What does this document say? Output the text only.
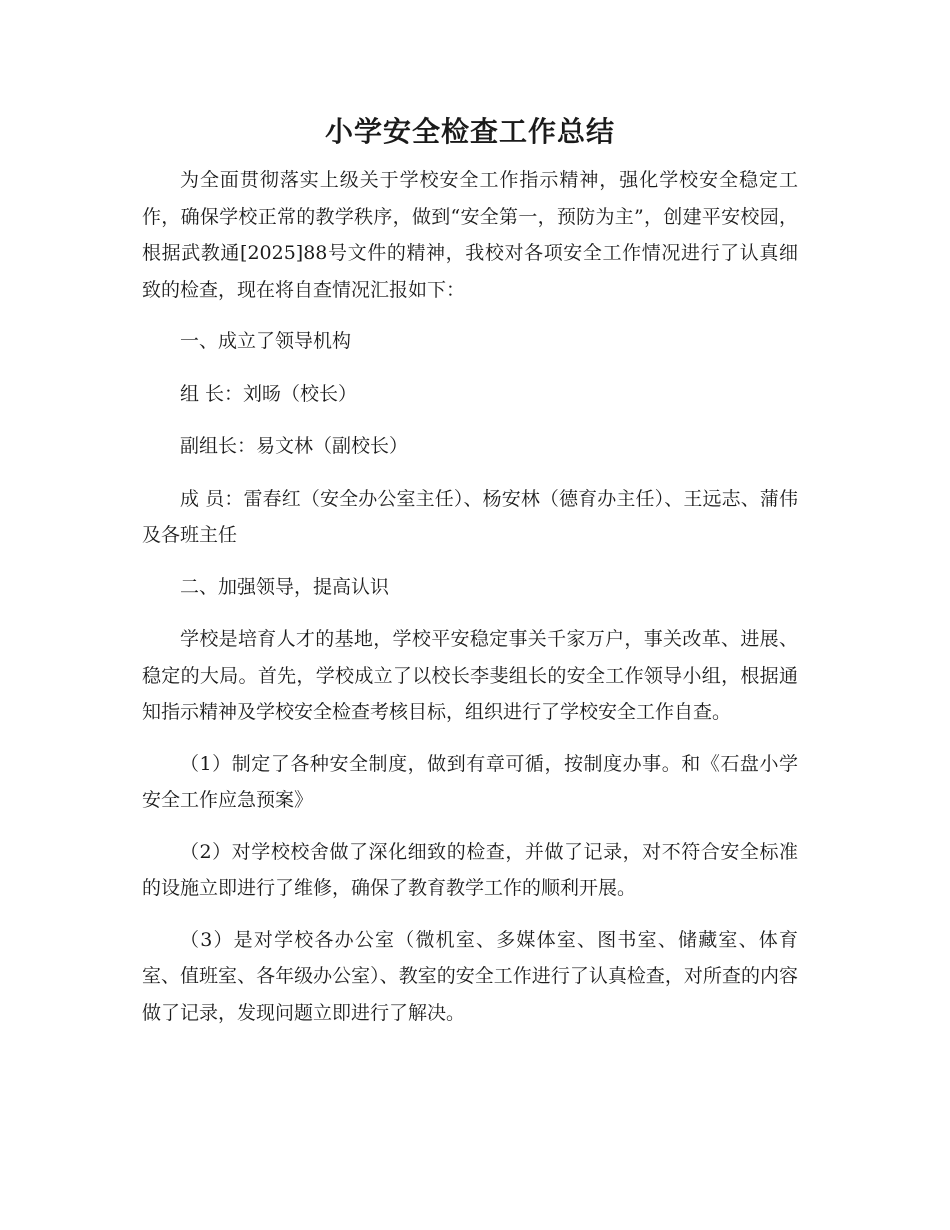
小学安全检查工作总结

为全面贯彻落实上级关于学校安全工作指示精神，强化学校安全稳定工作，确保学校正常的教学秩序，做到“安全第一，预防为主”，创建平安校园，根据武教通[2025]88号文件的精神，我校对各项安全工作情况进行了认真细致的检查，现在将自查情况汇报如下：

一、成立了领导机构

组 长：刘旸（校长）

副组长：易文林（副校长）

成 员：雷春红（安全办公室主任）、杨安林（德育办主任）、王远志、蒲伟及各班主任

二、加强领导，提高认识

学校是培育人才的基地，学校平安稳定事关千家万户，事关改革、进展、稳定的大局。首先，学校成立了以校长李斐组长的安全工作领导小组，根据通知指示精神及学校安全检查考核目标，组织进行了学校安全工作自查。

（1）制定了各种安全制度，做到有章可循，按制度办事。和《石盘小学安全工作应急预案》

（2）对学校校舍做了深化细致的检查，并做了记录，对不符合安全标准的设施立即进行了维修，确保了教育教学工作的顺利开展。

（3）是对学校各办公室（微机室、多媒体室、图书室、储藏室、体育室、值班室、各年级办公室）、教室的安全工作进行了认真检查，对所查的内容做了记录，发现问题立即进行了解决。
